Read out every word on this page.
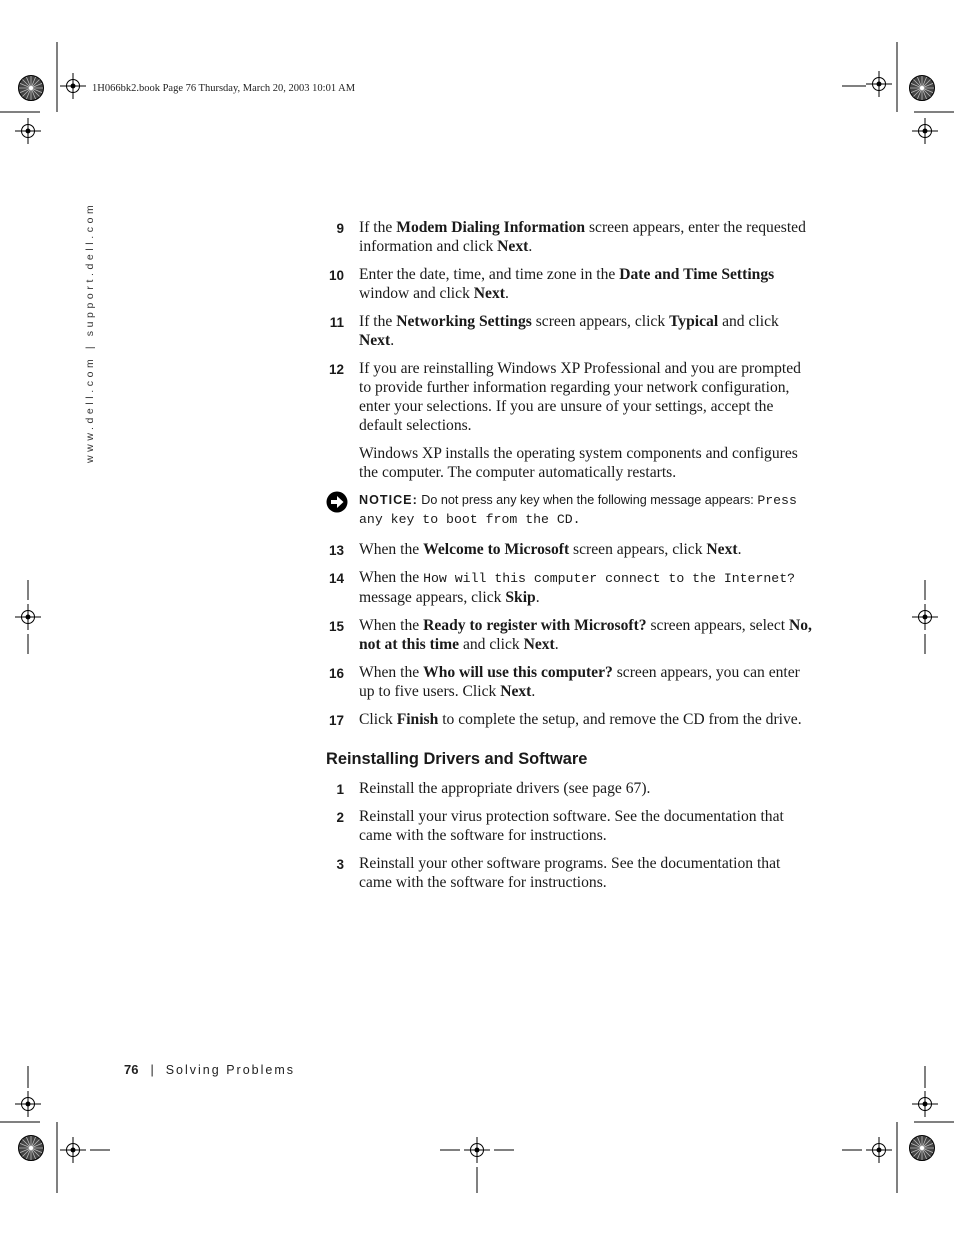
1H066bk2.book Page 76 Thursday, March 20, 2003 10:01 AM
www.dell.com | support.dell.com	9 If the Modem Dialing Information screen appears, enter the requested information and click Next.
10 Enter the date, time, and time zone in the Date and Time Settings window and click Next.
11 If the Networking Settings screen appears, click Typical and click Next.
12 If you are reinstalling Windows XP Professional and you are prompted to provide further information regarding your network configuration, enter your selections. If you are unsure of your settings, accept the default selections.
Windows XP installs the operating system components and configures the computer. The computer automatically restarts.
NOTICE: Do not press any key when the following message appears: Press any key to boot from the CD.
13 When the Welcome to Microsoft screen appears, click Next.
14 When the How will this computer connect to the Internet? message appears, click Skip.
15 When the Ready to register with Microsoft? screen appears, select No, not at this time and click Next.
16 When the Who will use this computer? screen appears, you can enter up to five users. Click Next.
17 Click Finish to complete the setup, and remove the CD from the drive.
Reinstalling Drivers and Software
1 Reinstall the appropriate drivers (see page 67).
2 Reinstall your virus protection software. See the documentation that came with the software for instructions.
3 Reinstall your other software programs. See the documentation that came with the software for instructions.
76 | Solving Problems
